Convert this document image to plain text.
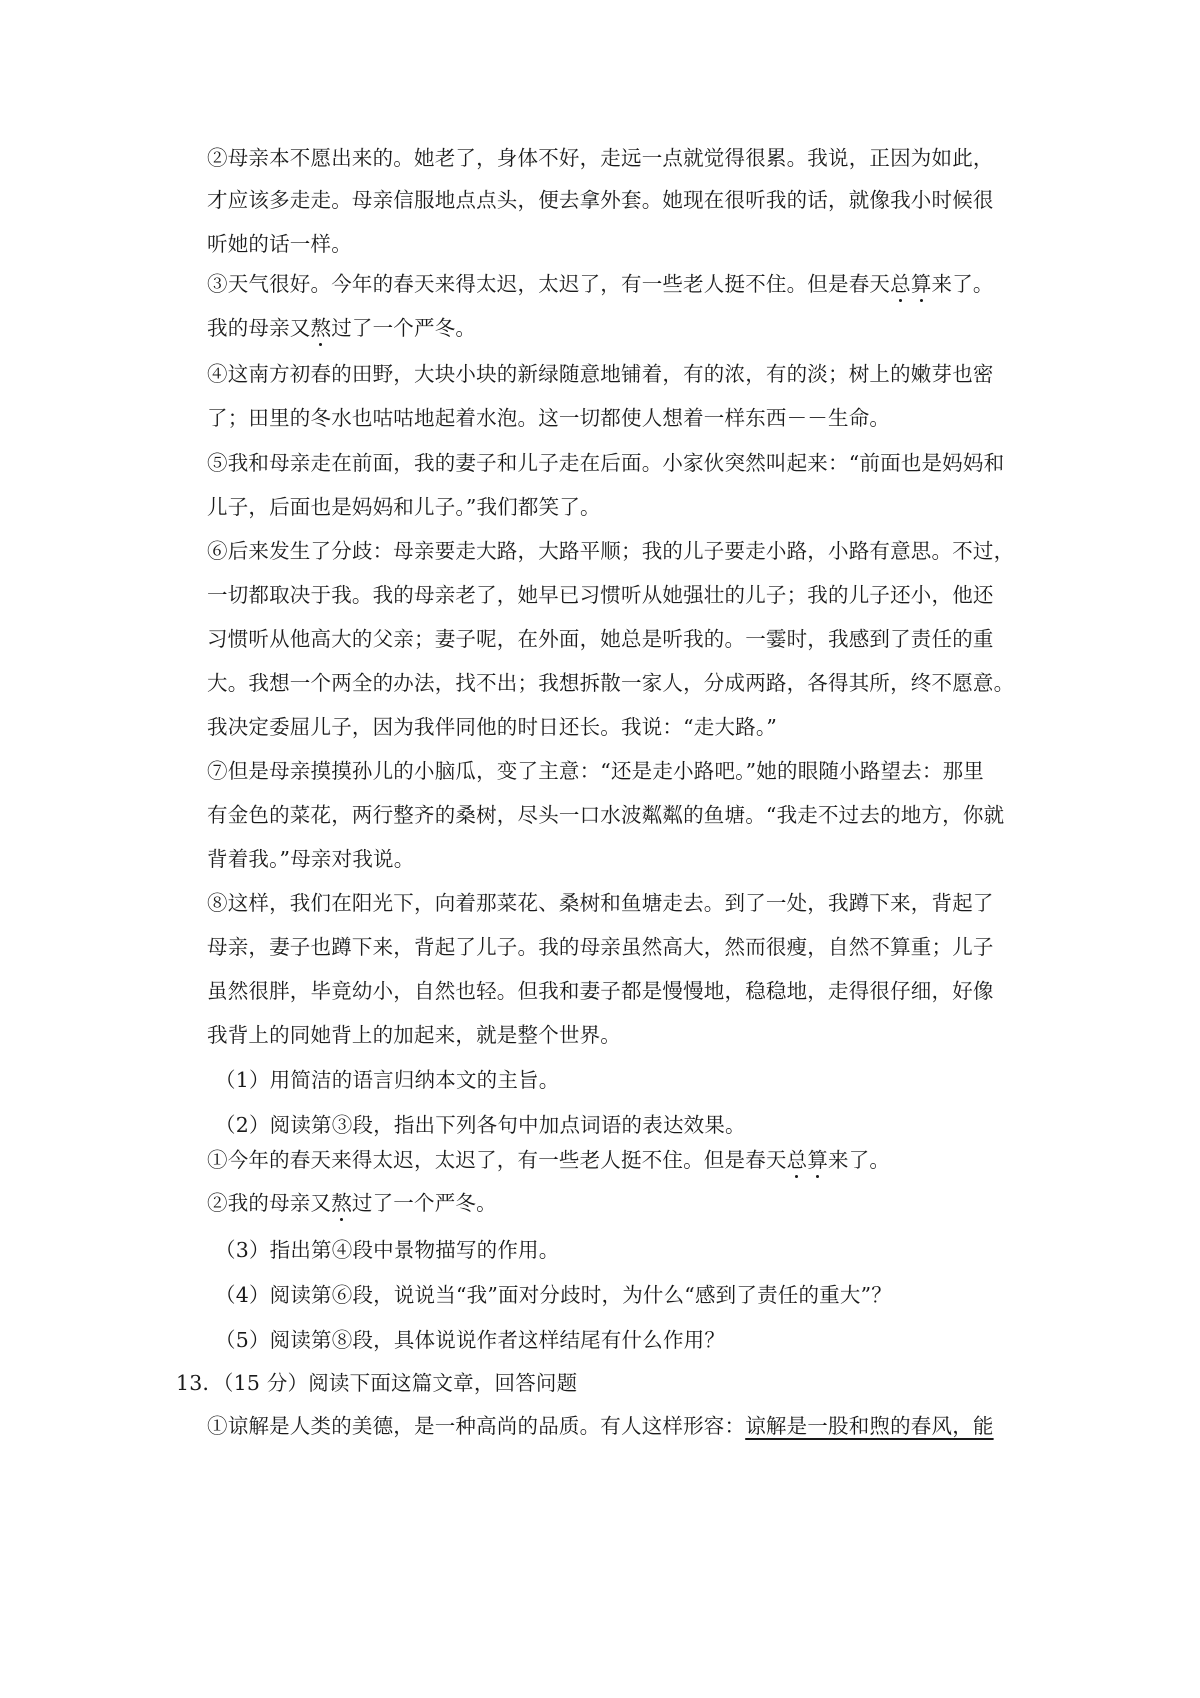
②母亲本不愿出来的。她老了，身体不好，走远一点就觉得很累。我说，正因为如此，
才应该多走走。母亲信服地点点头，便去拿外套。她现在很听我的话，就像我小时候很
听她的话一样。
③天气很好。今年的春天来得太迟，太迟了，有一些老人挺不住。但是春天总算来了。
我的母亲又熬过了一个严冬。
④这南方初春的田野，大块小块的新绿随意地铺着，有的浓，有的淡；树上的嫩芽也密
了；田里的冬水也咕咕地起着水泡。这一切都使人想着一样东西－－生命。
⑤我和母亲走在前面，我的妻子和儿子走在后面。小家伙突然叫起来：“前面也是妈妈和
儿子，后面也是妈妈和儿子。”我们都笑了。
⑥后来发生了分歧：母亲要走大路，大路平顺；我的儿子要走小路，小路有意思。不过，
一切都取决于我。我的母亲老了，她早已习惯听从她强壮的儿子；我的儿子还小，他还
习惯听从他高大的父亲；妻子呢，在外面，她总是听我的。一霎时，我感到了责任的重
大。我想一个两全的办法，找不出；我想拆散一家人，分成两路，各得其所，终不愿意。
我决定委屈儿子，因为我伴同他的时日还长。我说：“走大路。”
⑦但是母亲摸摸孙儿的小脑瓜，变了主意：“还是走小路吧。”她的眼随小路望去：那里
有金色的菜花，两行整齐的桑树，尽头一口水波粼粼的鱼塘。“我走不过去的地方，你就
背着我。”母亲对我说。
⑧这样，我们在阳光下，向着那菜花、桑树和鱼塘走去。到了一处，我蹲下来，背起了
母亲，妻子也蹲下来，背起了儿子。我的母亲虽然高大，然而很瘦，自然不算重；儿子
虽然很胖，毕竟幼小，自然也轻。但我和妻子都是慢慢地，稳稳地，走得很仔细，好像
我背上的同她背上的加起来，就是整个世界。
（1）用简洁的语言归纳本文的主旨。
（2）阅读第③段，指出下列各句中加点词语的表达效果。
①今年的春天来得太迟，太迟了，有一些老人挺不住。但是春天总算来了。
②我的母亲又熬过了一个严冬。
（3）指出第④段中景物描写的作用。
（4）阅读第⑥段，说说当“我”面对分歧时，为什么“感到了责任的重大”？
（5）阅读第⑧段，具体说说作者这样结尾有什么作用？
13．（15 分）阅读下面这篇文章，回答问题
①谅解是人类的美德，是一种高尚的品质。有人这样形容：谅解是一股和煦的春风，能
